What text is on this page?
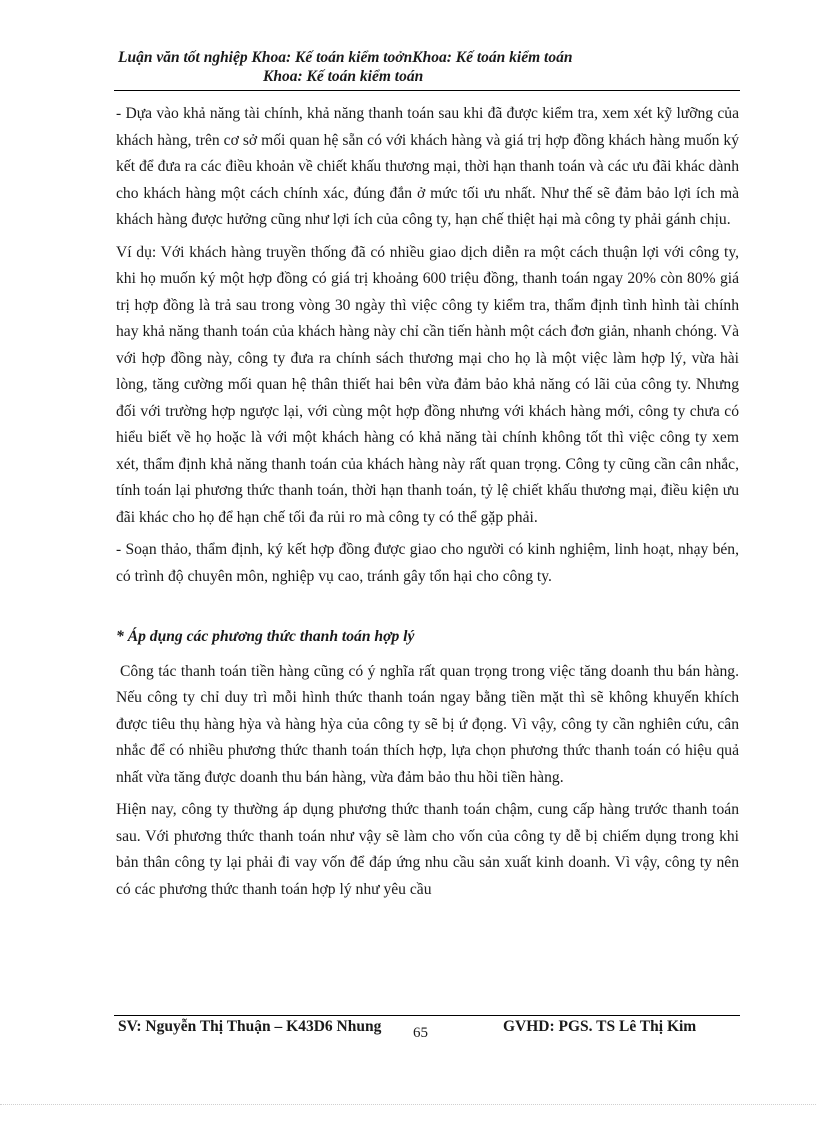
Luận văn tốt nghiệp Khoa: Kế toán kiểm toởnKhoa: Kế toán kiểm toán
Khoa: Kế toán kiểm toán

- Dựa vào khả năng tài chính, khả năng thanh toán sau khi đã được kiểm tra, xem xét kỹ lưỡng của khách hàng, trên cơ sở mối quan hệ sẵn có với khách hàng và giá trị hợp đồng khách hàng muốn ký kết để đưa ra các điều khoản về chiết khấu thương mại, thời hạn thanh toán và các ưu đãi khác dành cho khách hàng một cách chính xác, đúng đắn ở mức tối ưu nhất. Như thế sẽ đảm bảo lợi ích mà khách hàng được hưởng cũng như lợi ích của công ty, hạn chế thiệt hại mà công ty phải gánh chịu.

Ví dụ: Với khách hàng truyền thống đã có nhiều giao dịch diễn ra một cách thuận lợi với công ty, khi họ muốn ký một hợp đồng có giá trị khoảng 600 triệu đồng, thanh toán ngay 20% còn 80% giá trị hợp đồng là trả sau trong vòng 30 ngày thì việc công ty kiểm tra, thẩm định tình hình tài chính hay khả năng thanh toán của khách hàng này chỉ cần tiến hành một cách đơn giản, nhanh chóng. Và với hợp đồng này, công ty đưa ra chính sách thương mại cho họ là một việc làm hợp lý, vừa hài lòng, tăng cường mối quan hệ thân thiết hai bên vừa đảm bảo khả năng có lãi của công ty. Nhưng đối với trường hợp ngược lại, với cùng một hợp đồng nhưng với khách hàng mới, công ty chưa có hiểu biết về họ hoặc là với một khách hàng có khả năng tài chính không tốt thì việc công ty xem xét, thẩm định khả năng thanh toán của khách hàng này rất quan trọng. Công ty cũng cần cân nhắc, tính toán lại phương thức thanh toán, thời hạn thanh toán, tỷ lệ chiết khấu thương mại, điều kiện ưu đãi khác cho họ để hạn chế tối đa rủi ro mà công ty có thể gặp phải.

- Soạn thảo, thẩm định, ký kết hợp đồng được giao cho người có kinh nghiệm, linh hoạt, nhạy bén, có trình độ chuyên môn, nghiệp vụ cao, tránh gây tổn hại cho công ty.

* Áp dụng các phương thức thanh toán hợp lý

Công tác thanh toán tiền hàng cũng có ý nghĩa rất quan trọng trong việc tăng doanh thu bán hàng. Nếu công ty chỉ duy trì mỗi hình thức thanh toán ngay bằng tiền mặt thì sẽ không khuyến khích được tiêu thụ hàng hỳa và hàng hỳa của công ty sẽ bị ứ đọng. Vì vậy, công ty cần nghiên cứu, cân nhắc để có nhiều phương thức thanh toán thích hợp, lựa chọn phương thức thanh toán có hiệu quả nhất vừa tăng được doanh thu bán hàng, vừa đảm bảo thu hồi tiền hàng.

Hiện nay, công ty thường áp dụng phương thức thanh toán chậm, cung cấp hàng trước thanh toán sau. Với phương thức thanh toán như vậy sẽ làm cho vốn của công ty dễ bị chiếm dụng trong khi bản thân công ty lại phải đi vay vốn để đáp ứng nhu cầu sản xuất kinh doanh. Vì vậy, công ty nên có các phương thức thanh toán hợp lý như yêu cầu

SV: Nguyễn Thị Thuận – K43D6 Nhung	65	GVHD: PGS. TS Lê Thị Kim
